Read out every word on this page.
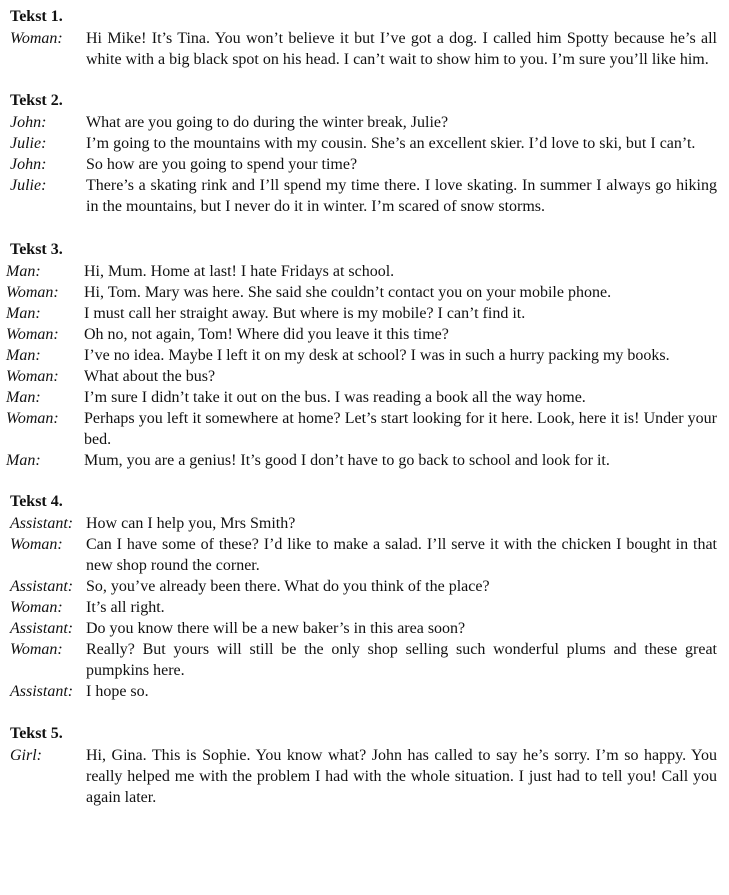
Tekst 1.
Woman:	Hi Mike! It’s Tina. You won’t believe it but I’ve got a dog. I called him Spotty because he’s all white with a big black spot on his head. I can’t wait to show him to you. I’m sure you’ll like him.
Tekst 2.
John:	What are you going to do during the winter break, Julie?
Julie:	I’m going to the mountains with my cousin. She’s an excellent skier. I’d love to ski, but I can’t.
John:	So how are you going to spend your time?
Julie:	There’s a skating rink and I’ll spend my time there. I love skating. In summer I always go hiking in the mountains, but I never do it in winter. I’m scared of snow storms.
Tekst 3.
Man:	Hi, Mum. Home at last! I hate Fridays at school.
Woman:	Hi, Tom. Mary was here. She said she couldn’t contact you on your mobile phone.
Man:	I must call her straight away. But where is my mobile? I can’t find it.
Woman:	Oh no, not again, Tom! Where did you leave it this time?
Man:	I’ve no idea. Maybe I left it on my desk at school? I was in such a hurry packing my books.
Woman:	What about the bus?
Man:	I’m sure I didn’t take it out on the bus. I was reading a book all the way home.
Woman:	Perhaps you left it somewhere at home? Let’s start looking for it here. Look, here it is! Under your bed.
Man:	Mum, you are a genius! It’s good I don’t have to go back to school and look for it.
Tekst 4.
Assistant: How can I help you, Mrs Smith?
Woman:	Can I have some of these? I’d like to make a salad. I’ll serve it with the chicken I bought in that new shop round the corner.
Assistant: So, you’ve already been there. What do you think of the place?
Woman:	It’s all right.
Assistant: Do you know there will be a new baker’s in this area soon?
Woman:	Really? But yours will still be the only shop selling such wonderful plums and these great pumpkins here.
Assistant: I hope so.
Tekst 5.
Girl:	Hi, Gina. This is Sophie. You know what? John has called to say he’s sorry. I’m so happy. You really helped me with the problem I had with the whole situation. I just had to tell you! Call you again later.
